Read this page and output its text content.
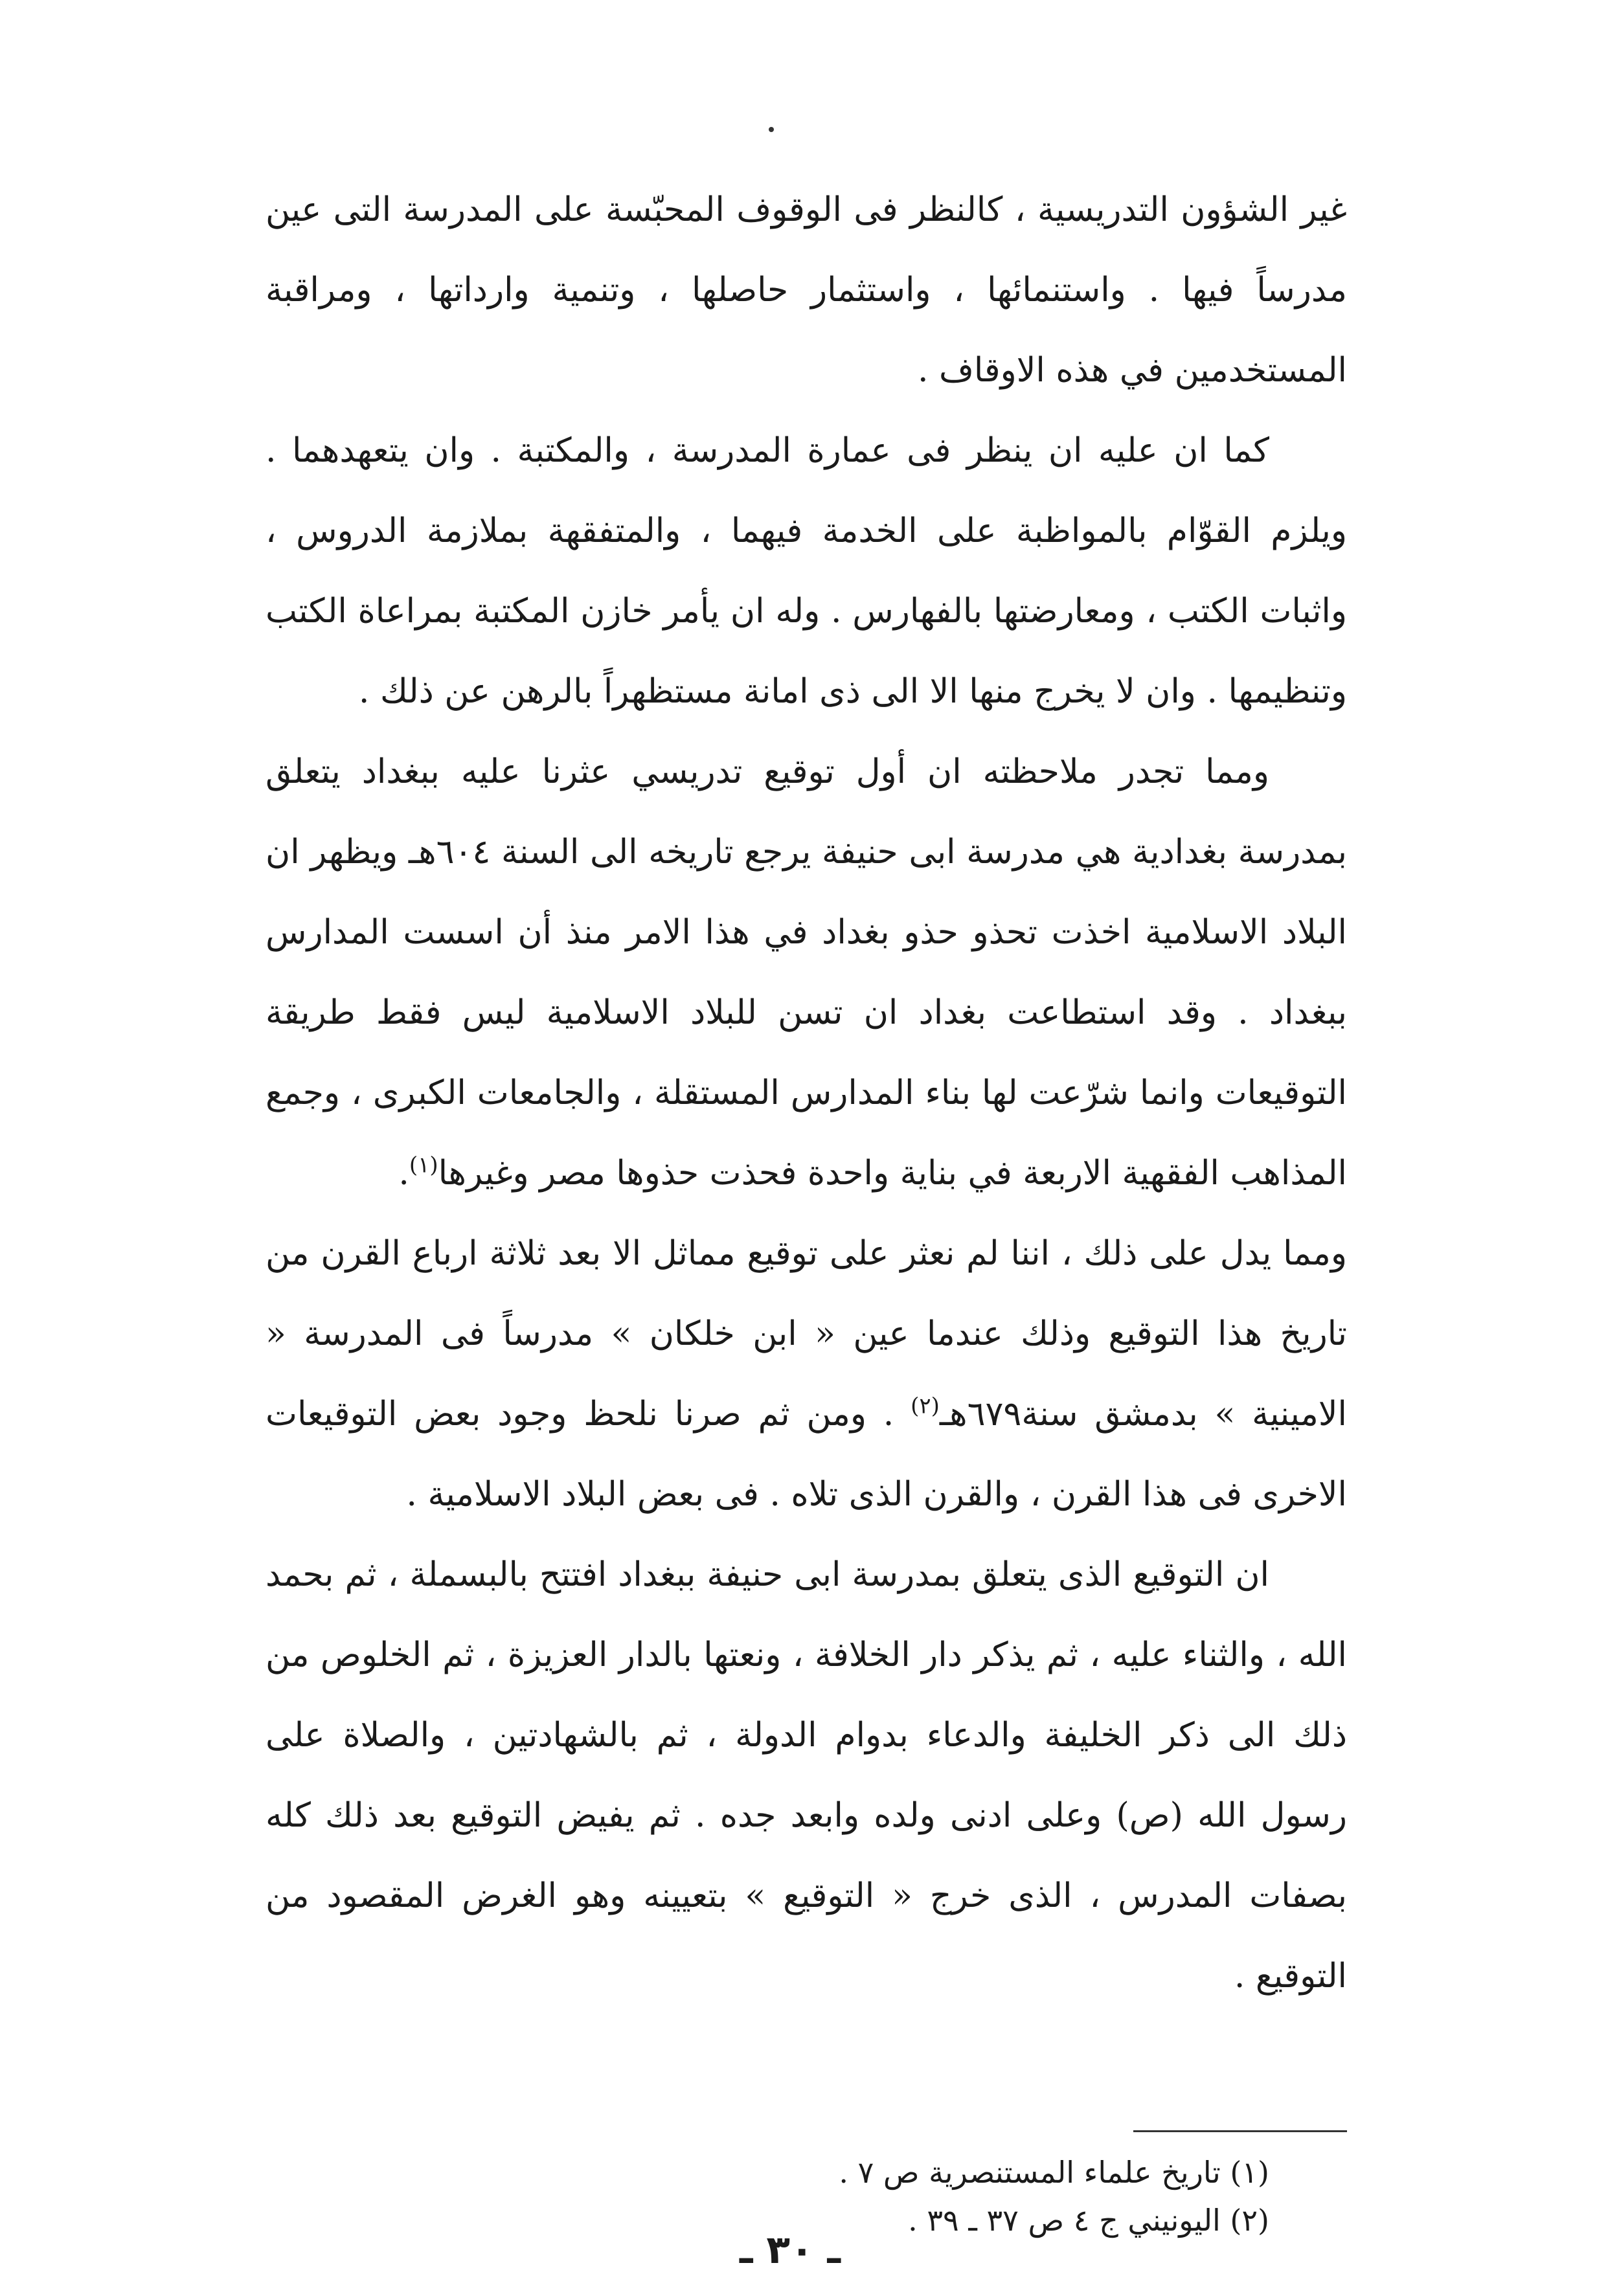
غير الشؤون التدريسية ، كالنظر فى الوقوف المحبّسة على المدرسة التى عين مدرساً فيها . واستنمائها ، واستثمار حاصلها ، وتنمية وارداتها ، ومراقبة المستخدمين في هذه الاوقاف .

كما ان عليه ان ينظر فى عمارة المدرسة ، والمكتبة . وان يتعهدهما . ويلزم القوّام بالمواظبة على الخدمة فيهما ، والمتفقهة بملازمة الدروس ، واثبات الكتب ، ومعارضتها بالفهارس . وله ان يأمر خازن المكتبة بمراعاة الكتب وتنظيمها . وان لا يخرج منها الا الى ذى امانة مستظهراً بالرهن عن ذلك .

ومما تجدر ملاحظته ان أول توقيع تدريسي عثرنا عليه ببغداد يتعلق بمدرسة بغدادية هي مدرسة ابى حنيفة يرجع تاريخه الى السنة ٦٠٤هـ ويظهر ان البلاد الاسلامية اخذت تحذو حذو بغداد في هذا الامر منذ أن اسست المدارس ببغداد . وقد استطاعت بغداد ان تسن للبلاد الاسلامية ليس فقط طريقة التوقيعات وانما شرّعت لها بناء المدارس المستقلة ، والجامعات الكبرى ، وجمع المذاهب الفقهية الاربعة في بناية واحدة فحذت حذوها مصر وغيرها$^{(١)}$.

ومما يدل على ذلك ، اننا لم نعثر على توقيع مماثل الا بعد ثلاثة ارباع القرن من تاريخ هذا التوقيع وذلك عندما عين « ابن خلكان » مدرساً فى المدرسة « الامينية » بدمشق سنة٦٧٩هـ$^{(٢)}$ . ومن ثم صرنا نلحظ وجود بعض التوقيعات الاخرى فى هذا القرن ، والقرن الذى تلاه . فى بعض البلاد الاسلامية .

ان التوقيع الذى يتعلق بمدرسة ابى حنيفة ببغداد افتتح بالبسملة ، ثم بحمد الله ، والثناء عليه ، ثم يذكر دار الخلافة ، ونعتها بالدار العزيزة ، ثم الخلوص من ذلك الى ذكر الخليفة والدعاء بدوام الدولة ، ثم بالشهادتين ، والصلاة على رسول الله (ص) وعلى ادنى ولده وابعد جده . ثم يفيض التوقيع بعد ذلك كله بصفات المدرس ، الذى خرج « التوقيع » بتعيينه وهو الغرض المقصود من التوقيع .

(١) تاريخ علماء المستنصرية ص ٧ .

(٢) اليونيني ج ٤ ص ٣٧ ـ ٣٩ .

ـ ٣٠ ـ
